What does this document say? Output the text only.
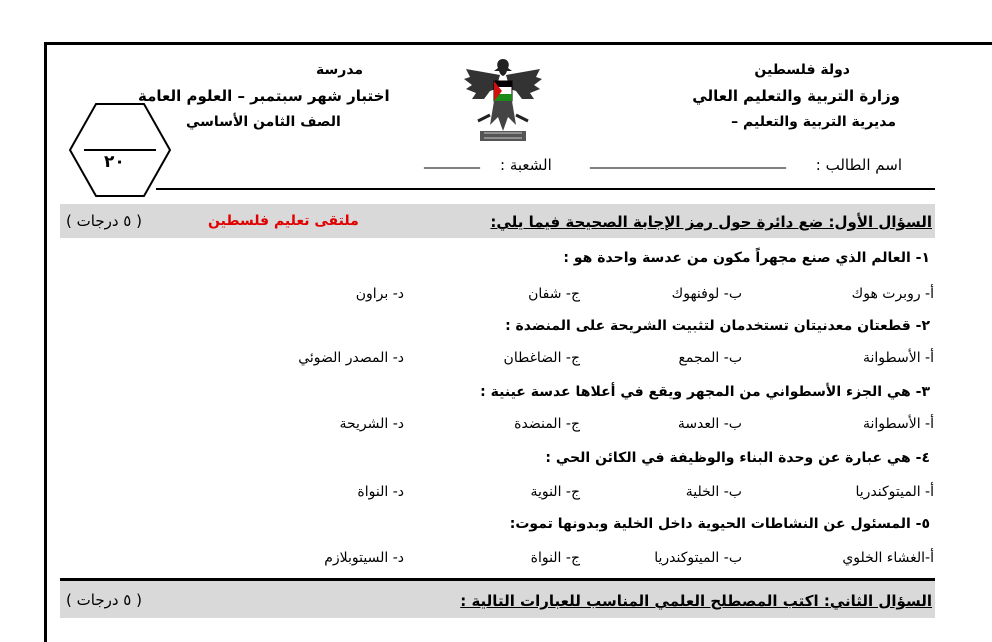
دولة فلسطين
وزارة التربية والتعليم العالي
مديرية التربية والتعليم –
مدرسة
اختبار شهر سبتمبر – العلوم العامة
الصف الثامن الأساسي
٢٠	اسم الطالب :
____________________________
الشعبة :
________
السؤال الأول: ضع دائرة حول رمز الإجابة الصحيحة فيما يلي:
ملتقى تعليم فلسطين
( ٥ درجات )
١- العالم الذي صنع مجهراً مكون من عدسة واحدة هو :
أ- روبرت هوك
ب- لوفنهوك
ج- شفان
د- براون
٢- قطعتان معدنيتان تستخدمان لتثبيت الشريحة على المنضدة :
أ- الأسطوانة
ب- المجمع
ج- الضاغطان
د- المصدر الضوئي
٣- هي الجزء الأسطواني من المجهر ويقع في أعلاها عدسة عينية :
أ- الأسطوانة
ب- العدسة
ج- المنضدة
د- الشريحة
٤- هي عبارة عن وحدة البناء والوظيفة في الكائن الحي :
أ- الميتوكندريا
ب- الخلية
ج- النوية
د- النواة
٥- المسئول عن النشاطات الحيوية داخل الخلية وبدونها تموت:
أ-الغشاء الخلوي
ب- الميتوكندريا
ج- النواة
د- السيتوبلازم
السؤال الثاني: اكتب المصطلح العلمي المناسب للعبارات التالية :
( ٥ درجات )
